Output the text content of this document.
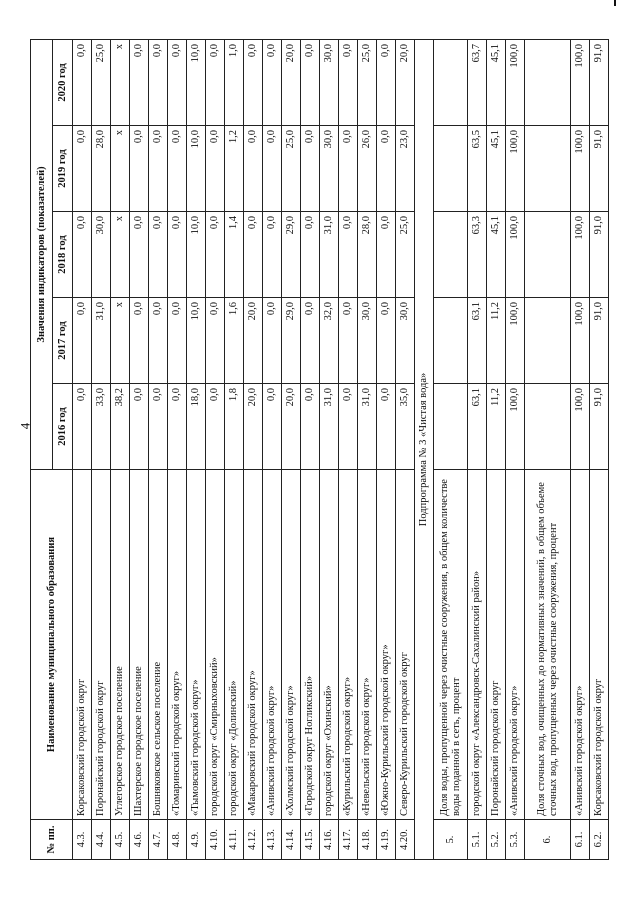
4
№ пп.	Наименование муниципального образования	Значения индикаторов (показателей)				
		2016 год	2017 год	2018 год	2019 год	2020 год
4.3.	Корсаковский городской округ	0,0	0,0	0,0	0,0	0,0
4.4.	Поронайский городской округ	33,0	31,0	30,0	28,0	25,0
4.5.	Углегорское городское поселение	38,2	х	х	х	х
4.6.	Шахтерское городское поселение	0,0	0,0	0,0	0,0	0,0
4.7.	Бошняковское сельское поселение	0,0	0,0	0,0	0,0	0,0
4.8.	«Томаринский городской округ»	0,0	0,0	0,0	0,0	0,0
4.9.	«Тымовский городской округ»	18,0	10,0	10,0	10,0	10,0
4.10.	городской округ «Смирныховский»	0,0	0,0	0,0	0,0	0,0
4.11.	городской округ «Долинский»	1,8	1,6	1,4	1,2	1,0
4.12.	«Макаровский городской округ»	20,0	20,0	0,0	0,0	0,0
4.13.	«Анивский городской округ»	0,0	0,0	0,0	0,0	0,0
4.14.	«Холмский городской округ»	20,0	29,0	29,0	25,0	20,0
4.15.	«Городской округ Ногликский»	0,0	0,0	0,0	0,0	0,0
4.16.	городской округ «Охинский»	31,0	32,0	31,0	30,0	30,0
4.17.	«Курильский городской округ»	0,0	0,0	0,0	0,0	0,0
4.18.	«Невельский городской округ»	31,0	30,0	28,0	26,0	25,0
4.19.	«Южно-Курильский городской округ»	0,0	0,0	0,0	0,0	0,0
4.20.	Северо-Курильский городской округ	35,0	30,0	25,0	23,0	20,0
Подпрограмма № 3 «Чистая вода»						
5.	Доля воды, пропущенной через очистные сооружения, в общем количестве воды поданной в сеть, процент					
5.1.	городской округ «Александровск-Сахалинский район»	63,1	63,1	63,3	63,5	63,7
5.2.	Поронайский городской округ	11,2	11,2	45,1	45,1	45,1
5.3.	«Анивский городской округ»	100,0	100,0	100,0	100,0	100,0
6.	Доля сточных вод, очищенных до нормативных значений, в общем объеме сточных вод, пропущенных через очистные сооружения, процент					
6.1.	«Анивский городской округ»	100,0	100,0	100,0	100,0	100,0
6.2.	Корсаковский городской округ	91,0	91,0	91,0	91,0	91,0
